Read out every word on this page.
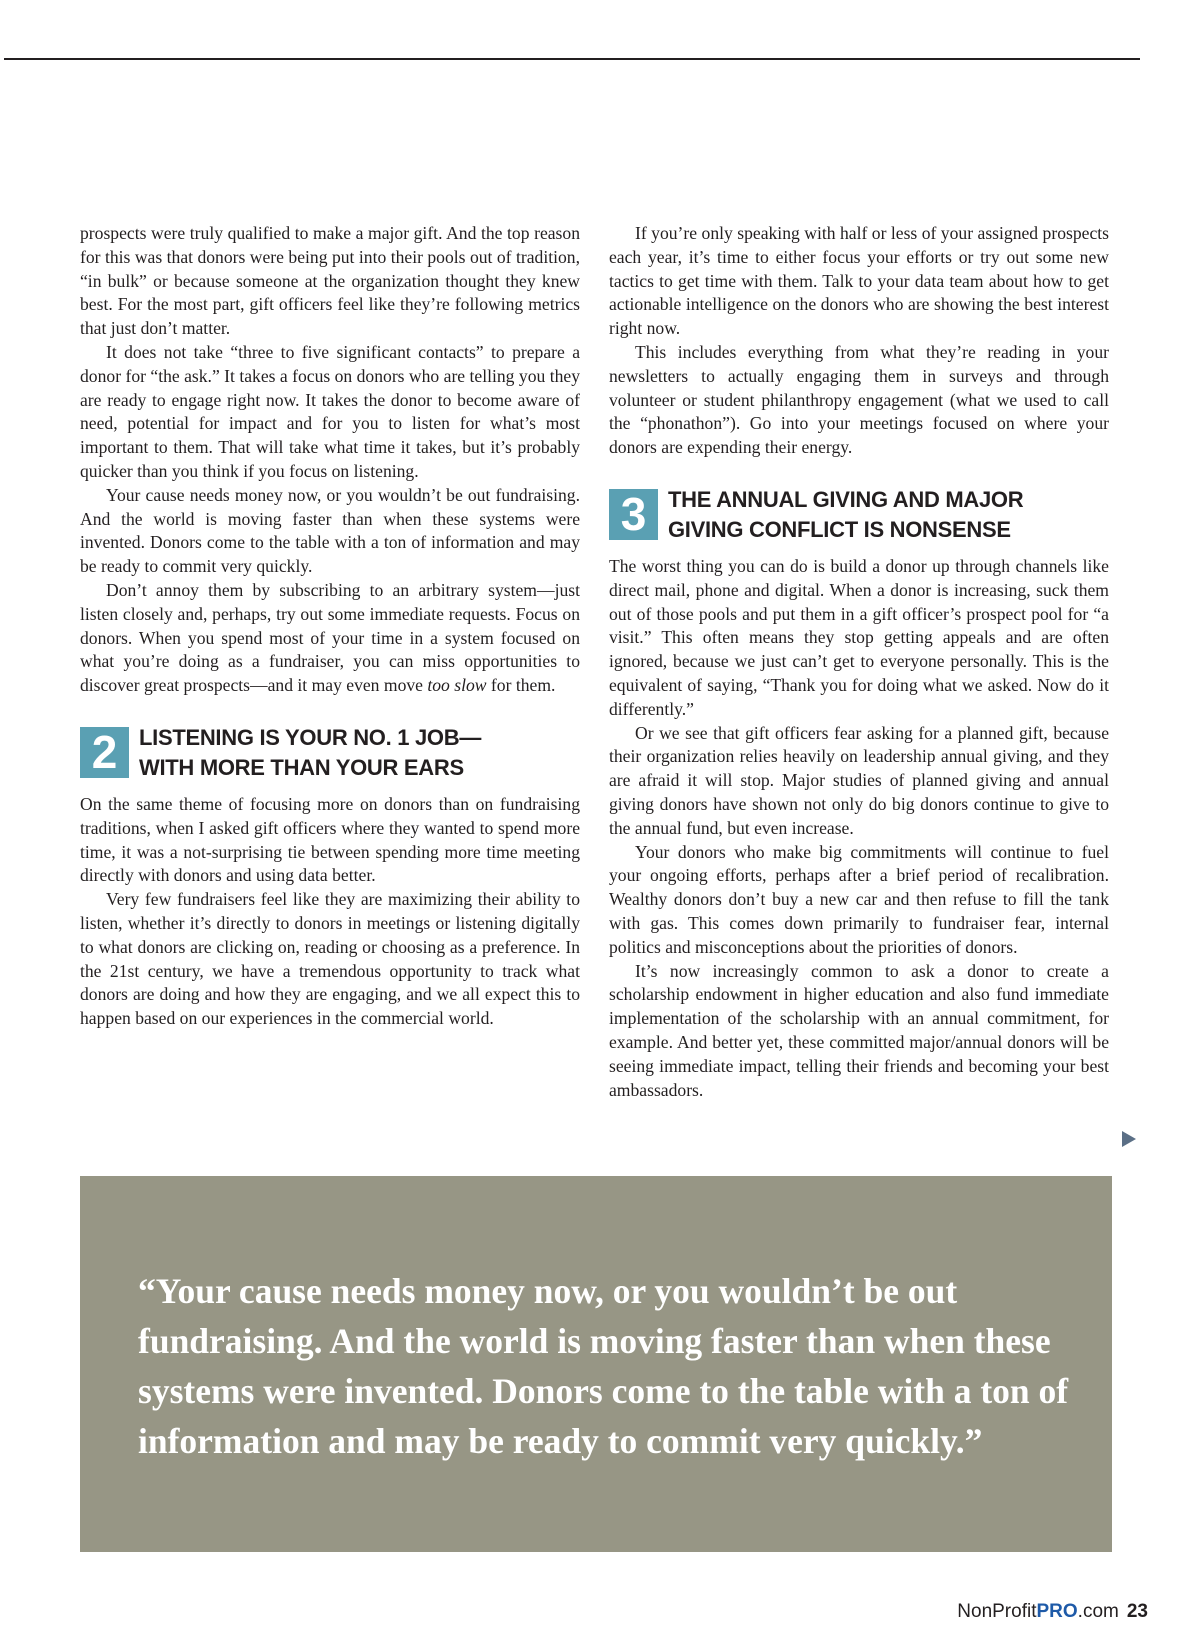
prospects were truly qualified to make a major gift. And the top reason for this was that donors were being put into their pools out of tradition, “in bulk” or because someone at the organization thought they knew best. For the most part, gift officers feel like they’re following metrics that just don’t matter.

It does not take “three to five significant contacts” to prepare a donor for “the ask.” It takes a focus on donors who are telling you they are ready to engage right now. It takes the donor to become aware of need, potential for impact and for you to listen for what’s most important to them. That will take what time it takes, but it’s probably quicker than you think if you focus on listening.

Your cause needs money now, or you wouldn’t be out fundraising. And the world is moving faster than when these systems were invented. Donors come to the table with a ton of information and may be ready to commit very quickly.

Don’t annoy them by subscribing to an arbitrary system—just listen closely and, perhaps, try out some immediate requests. Focus on donors. When you spend most of your time in a system focused on what you’re doing as a fundraiser, you can miss opportunities to discover great prospects—and it may even move too slow for them.

2 LISTENING IS YOUR NO. 1 JOB—
WITH MORE THAN YOUR EARS

On the same theme of focusing more on donors than on fundraising traditions, when I asked gift officers where they wanted to spend more time, it was a not-surprising tie between spending more time meeting directly with donors and using data better.

Very few fundraisers feel like they are maximizing their ability to listen, whether it’s directly to donors in meetings or listening digitally to what donors are clicking on, reading or choosing as a preference. In the 21st century, we have a tremendous opportunity to track what donors are doing and how they are engaging, and we all expect this to happen based on our experiences in the commercial world.

If you’re only speaking with half or less of your assigned prospects each year, it’s time to either focus your efforts or try out some new tactics to get time with them. Talk to your data team about how to get actionable intelligence on the donors who are showing the best interest right now.

This includes everything from what they’re reading in your newsletters to actually engaging them in surveys and through volunteer or student philanthropy engagement (what we used to call the “phonathon”). Go into your meetings focused on where your donors are expending their energy.

3 THE ANNUAL GIVING AND MAJOR
GIVING CONFLICT IS NONSENSE

The worst thing you can do is build a donor up through channels like direct mail, phone and digital. When a donor is increasing, suck them out of those pools and put them in a gift officer’s prospect pool for “a visit.” This often means they stop getting appeals and are often ignored, because we just can’t get to everyone personally. This is the equivalent of saying, “Thank you for doing what we asked. Now do it differently.”

Or we see that gift officers fear asking for a planned gift, because their organization relies heavily on leadership annual giving, and they are afraid it will stop. Major studies of planned giving and annual giving donors have shown not only do big donors continue to give to the annual fund, but even increase.

Your donors who make big commitments will continue to fuel your ongoing efforts, perhaps after a brief period of recalibration. Wealthy donors don’t buy a new car and then refuse to fill the tank with gas. This comes down primarily to fundraiser fear, internal politics and misconceptions about the priorities of donors.

It’s now increasingly common to ask a donor to create a scholarship endowment in higher education and also fund immediate implementation of the scholarship with an annual commitment, for example. And better yet, these committed major/annual donors will be seeing immediate impact, telling their friends and becoming your best ambassadors.

“Your cause needs money now, or you wouldn’t be out fundraising. And the world is moving faster than when these systems were invented. Donors come to the table with a ton of information and may be ready to commit very quickly.”
NonProfitPRO.com 23
